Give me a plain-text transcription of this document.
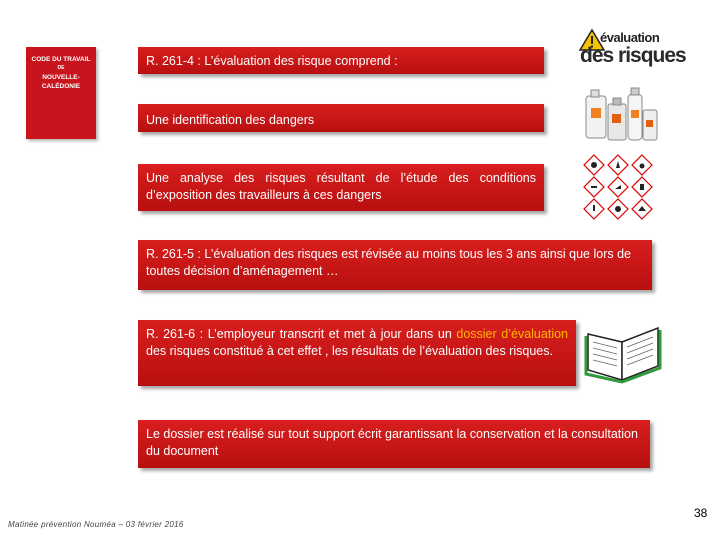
CODE DU TRAVAIL
DE
NOUVELLE-CALÉDONIE
évaluation
des risques
R. 261-4 : L’évaluation des risque comprend :
Une identification des dangers
Une analyse des risques résultant de l’étude des conditions d’exposition des travailleurs à ces dangers
R. 261-5 : L’évaluation des risques est révisée au moins tous les 3 ans ainsi que lors de toutes décision d’aménagement …
R. 261-6 : L’employeur transcrit et met à jour dans un dossier d’évaluation des risques constitué à cet effet , les résultats de l’évaluation des risques.
Le dossier est réalisé sur tout support écrit garantissant la conservation et la consultation du document
Matinée prévention Nouméa – 03 février 2016
38
